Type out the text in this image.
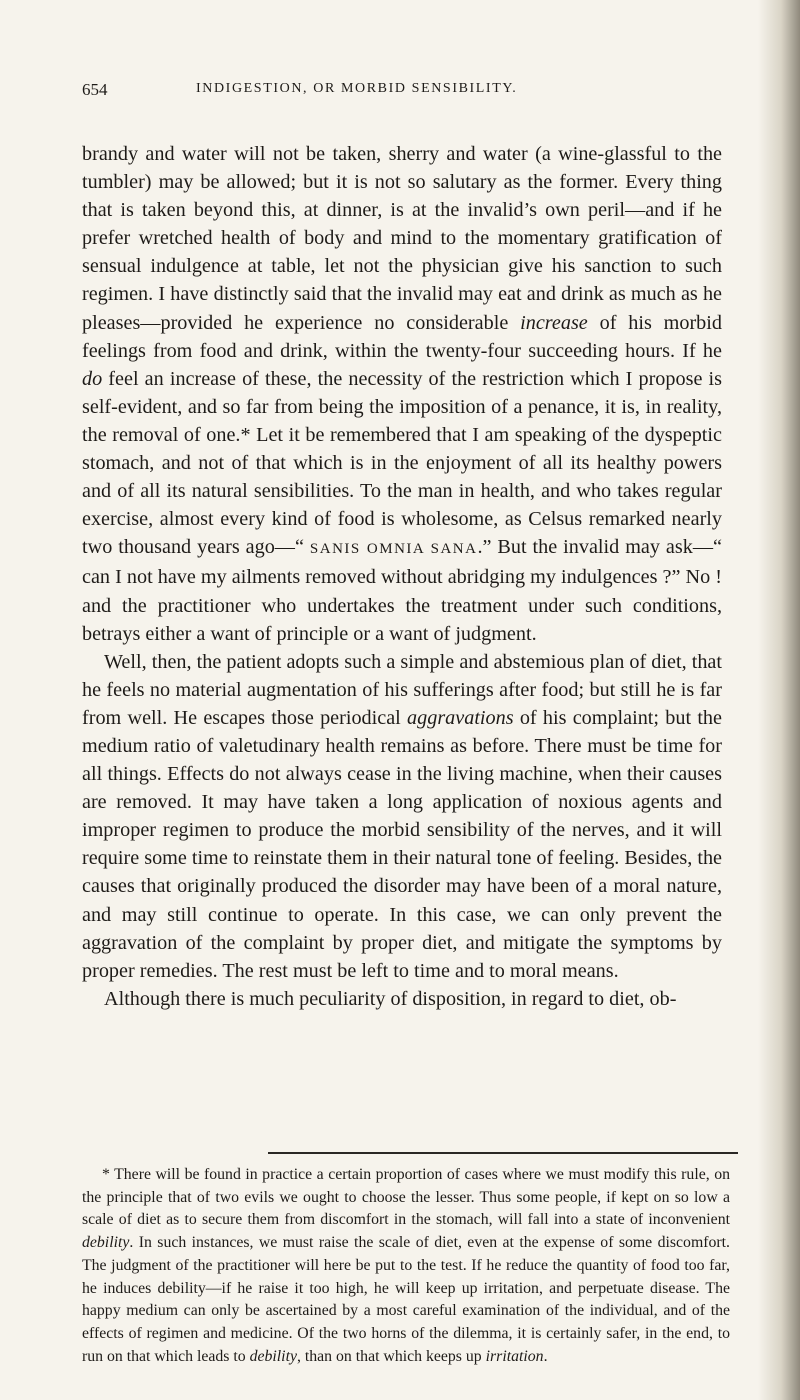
654	INDIGESTION, OR MORBID SENSIBILITY.

brandy and water will not be taken, sherry and water (a wine-glassful to the tumbler) may be allowed; but it is not so salutary as the former. Every thing that is taken beyond this, at dinner, is at the invalid’s own peril—and if he prefer wretched health of body and mind to the momentary gratification of sensual indulgence at table, let not the physician give his sanction to such regimen. I have distinctly said that the invalid may eat and drink as much as he pleases—provided he experience no considerable increase of his morbid feelings from food and drink, within the twenty-four succeeding hours. If he do feel an increase of these, the necessity of the restriction which I propose is self-evident, and so far from being the imposition of a penance, it is, in reality, the removal of one.* Let it be remembered that I am speaking of the dyspeptic stomach, and not of that which is in the enjoyment of all its healthy powers and of all its natural sensibilities. To the man in health, and who takes regular exercise, almost every kind of food is wholesome, as Celsus remarked nearly two thousand years ago—“ SANIS OMNIA SANA.” But the invalid may ask—“ can I not have my ailments removed without abridging my indulgences ?” No ! and the practitioner who undertakes the treatment under such conditions, betrays either a want of principle or a want of judgment.

Well, then, the patient adopts such a simple and abstemious plan of diet, that he feels no material augmentation of his sufferings after food; but still he is far from well. He escapes those periodical aggravations of his complaint; but the medium ratio of valetudinary health remains as before. There must be time for all things. Effects do not always cease in the living machine, when their causes are removed. It may have taken a long application of noxious agents and improper regimen to produce the morbid sensibility of the nerves, and it will require some time to reinstate them in their natural tone of feeling. Besides, the causes that originally produced the disorder may have been of a moral nature, and may still continue to operate. In this case, we can only prevent the aggravation of the complaint by proper diet, and mitigate the symptoms by proper remedies. The rest must be left to time and to moral means.

Although there is much peculiarity of disposition, in regard to diet, ob-

* There will be found in practice a certain proportion of cases where we must modify this rule, on the principle that of two evils we ought to choose the lesser. Thus some people, if kept on so low a scale of diet as to secure them from discomfort in the stomach, will fall into a state of inconvenient debility. In such instances, we must raise the scale of diet, even at the expense of some discomfort. The judgment of the practitioner will here be put to the test. If he reduce the quantity of food too far, he induces debility—if he raise it too high, he will keep up irritation, and perpetuate disease. The happy medium can only be ascertained by a most careful examination of the individual, and of the effects of regimen and medicine. Of the two horns of the dilemma, it is certainly safer, in the end, to run on that which leads to debility, than on that which keeps up irritation.
